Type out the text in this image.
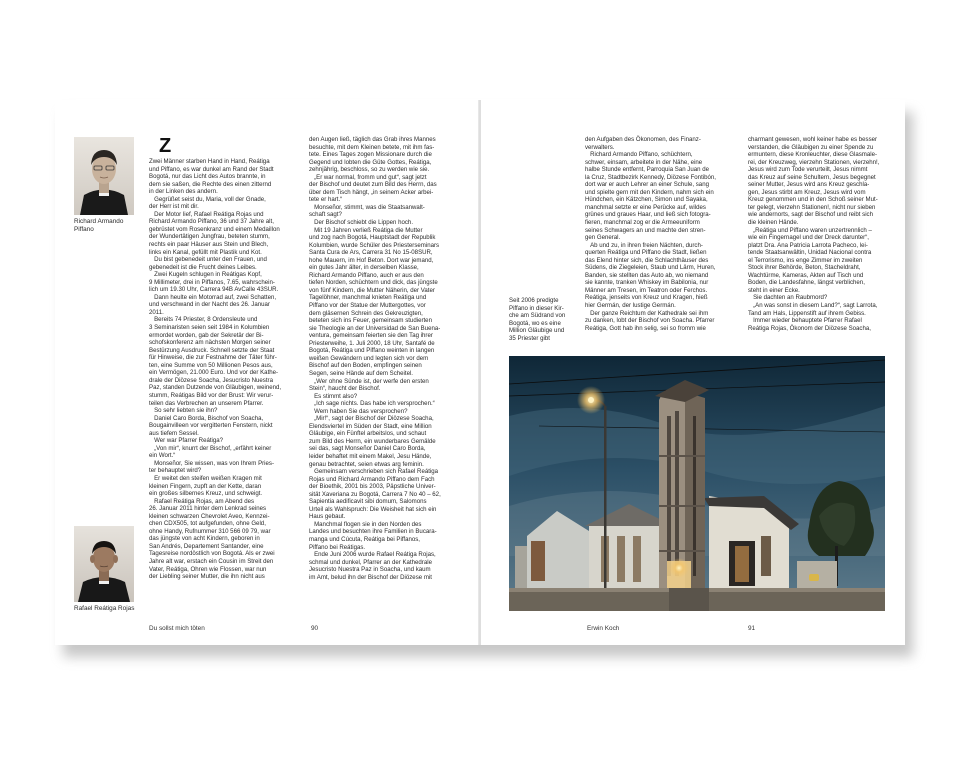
Richard Armando
Piffano
Rafael Reátiga Rojas
Z
Zwei Männer starben Hand in Hand, Reátiga
und Piffano, es war dunkel am Rand der Stadt
Bogotá, nur das Licht des Autos brannte, in
dem sie saßen, die Rechte des einen zitternd
in der Linken des andern.
Gegrüßet seist du, Maria, voll der Gnade,
der Herr ist mit dir.
Der Motor lief, Rafael Reátiga Rojas und
Richard Armando Piffano, 36 und 37 Jahre alt,
gebrüstet vom Rosenkranz und einem Medaillon
der Wundertätigen Jungfrau, beteten stumm,
rechts ein paar Häuser aus Stein und Blech,
links ein Kanal, gefüllt mit Plastik und Kot.
Du bist gebenedeit unter den Frauen, und
gebenedeit ist die Frucht deines Leibes.
Zwei Kugeln schlugen in Reátigas Kopf,
9 Millimeter, drei in Piffanos, 7.65, wahrschein-
lich um 19.30 Uhr, Carrera 94B AvCalle 43SUR.
Dann heulte ein Motorrad auf, zwei Schatten,
und verschwand in der Nacht des 26. Januar
2011.
Bereits 74 Priester, 8 Ordensleute und
3 Seminaristen seien seit 1984 in Kolumbien
ermordet worden, gab der Sekretär der Bi-
schofskonferenz am nächsten Morgen seiner
Bestürzung Ausdruck. Schnell setzte der Staat
für Hinweise, die zur Festnahme der Täter führ-
ten, eine Summe von 50 Millionen Pesos aus,
ein Vermögen, 21.000 Euro. Und vor der Kathe-
drale der Diözese Soacha, Jesucristo Nuestra
Paz, standen Dutzende von Gläubigen, weinend,
stumm, Reátigas Bild vor der Brust: Wir verur-
teilen das Verbrechen an unserem Pfarrer.
So sehr liebten sie ihn?
Daniel Caro Borda, Bischof von Soacha,
Bougainvilleen vor vergitterten Fenstern, nickt
aus tiefem Sessel.
Wer war Pfarrer Reátiga?
„Von mir“, knurrt der Bischof, „erfährt keiner
ein Wort.“
Monseñor, Sie wissen, was von Ihrem Pries-
ter behauptet wird?
Er weitet den steifen weißen Kragen mit
kleinen Fingern, zupft an der Kette, daran
ein großes silbernes Kreuz, und schweigt.
Rafael Reátiga Rojas, am Abend des
26. Januar 2011 hinter dem Lenkrad seines
kleinen schwarzen Chevrolet Aveo, Kennzei-
chen CDX505, tot aufgefunden, ohne Geld,
ohne Handy, Rufnummer 310 566 09 79, war
das jüngste von acht Kindern, geboren in
San Andrés, Departement Santander, eine
Tagesreise nordöstlich von Bogotá. Als er zwei
Jahre alt war, erstach ein Cousin im Streit den
Vater, Reátiga, Ohren wie Flossen, war nun
der Liebling seiner Mutter, die ihn nicht aus
den Augen ließ, täglich das Grab ihres Mannes
besuchte, mit dem Kleinen betete, mit ihm fas-
tete. Eines Tages zogen Missionare durch die
Gegend und lobten die Güte Gottes, Reátiga,
zehnjährig, beschloss, so zu werden wie sie.
„Er war normal, fromm und gut“, sagt jetzt
der Bischof und deutet zum Bild des Herrn, das
über dem Tisch hängt, „in seinem Acker arbei-
tete er hart.“
Monseñor, stimmt, was die Staatsanwalt-
schaft sagt?
Der Bischof schiebt die Lippen hoch.
Mit 19 Jahren verließ Reátiga die Mutter
und zog nach Bogotá, Hauptstadt der Republik
Kolumbien, wurde Schüler des Priesterseminars
Santa Cura de Ars, Carrera 31 No 15-08SUR,
hohe Mauern, im Hof Beton. Dort war jemand,
ein gutes Jahr älter, in derselben Klasse,
Richard Armando Piffano, auch er aus den
tiefen Norden, schüchtern und dick, das jüngste
von fünf Kindern, die Mutter Näherin, der Vater
Tagelöhner, manchmal knieten Reátiga und
Piffano vor der Statue der Muttergottes, vor
dem gläsernen Schrein des Gekreuzigten,
beteten sich ins Feuer, gemeinsam studierten
sie Theologie an der Universidad de San Buena-
ventura, gemeinsam feierten sie den Tag ihrer
Priesterweihe, 1. Juli 2000, 18 Uhr, Santafé de
Bogotá, Reátiga und Piffano weinten in langen
weißen Gewändern und legten sich vor dem
Bischof auf den Boden, empfingen seinen
Segen, seine Hände auf dem Scheitel.
„Wer ohne Sünde ist, der werfe den ersten
Stein“, haucht der Bischof.
Es stimmt also?
„Ich sage nichts. Das habe ich versprochen.“
Wem haben Sie das versprochen?
„Mir!“, sagt der Bischof der Diözese Soacha,
Elendsviertel im Süden der Stadt, eine Million
Gläubige, ein Fünftel arbeitslos, und schaut
zum Bild des Herrn, ein wunderbares Gemälde
sei das, sagt Monseñor Daniel Caro Borda,
leider behaftet mit einem Makel, Jesu Hände,
genau betrachtet, seien etwas arg feminin.
Gemeinsam verschrieben sich Rafael Reátiga
Rojas und Richard Armando Piffano dem Fach
der Bioethik, 2001 bis 2003, Päpstliche Univer-
sität Xaveriana zu Bogotá, Carrera 7 No 40 – 62,
Sapientia aedificavit sibi domum, Salomons
Urteil als Wahlspruch: Die Weisheit hat sich ein
Haus gebaut.
Manchmal flogen sie in den Norden des
Landes und besuchten ihre Familien in Bucara-
manga und Cúcuta, Reátiga bei Piffanos,
Piffano bei Reátigas.
Ende Juni 2006 wurde Rafael Reátiga Rojas,
schmal und dunkel, Pfarrer an der Kathedrale
Jesucristo Nuestra Paz in Soacha, und kaum
im Amt, belud ihn der Bischof der Diözese mit
Du sollst mich töten	90
den Aufgaben des Ökonomen, des Finanz-
verwalters.
Richard Armando Piffano, schüchtern,
schwer, einsam, arbeitete in der Nähe, eine
halbe Stunde entfernt, Parroquia San Juan de
la Cruz, Stadtbezirk Kennedy, Diözese Fontibón,
dort war er auch Lehrer an einer Schule, sang
und spielte gern mit den Kindern, nahm sich ein
Hündchen, ein Kätzchen, Simon und Sayaka,
manchmal setzte er eine Perücke auf, wildes
grünes und graues Haar, und ließ sich fotogra-
fieren, manchmal zog er die Armeeuniform
seines Schwagers an und machte den stren-
gen General.
Ab und zu, in ihren freien Nächten, durch-
querten Reátiga und Piffano die Stadt, ließen
das Elend hinter sich, die Schlachthäuser des
Südens, die Ziegeleien, Staub und Lärm, Huren,
Banden, sie stellten das Auto ab, wo niemand
sie kannte, tranken Whiskey im Babilonia, nur
Männer am Tresen, im Teatron oder Ferchos.
Reátiga, jenseits von Kreuz und Kragen, hieß
hier Germán, der lustige Germán.
Der ganze Reichtum der Kathedrale sei ihm
zu danken, lobt der Bischof von Soacha. Pfarrer
Reátiga, Gott hab ihn selig, sei so fromm wie
charmant gewesen, wohl keiner habe es besser
verstanden, die Gläubigen zu einer Spende zu
ermuntern, diese Kronleuchter, diese Glasmale-
rei, der Kreuzweg, vierzehn Stationen, vierzehn!,
Jesus wird zum Tode verurteilt, Jesus nimmt
das Kreuz auf seine Schultern, Jesus begegnet
seiner Mutter, Jesus wird ans Kreuz geschla-
gen, Jesus stirbt am Kreuz, Jesus wird vom
Kreuz genommen und in den Schoß seiner Mut-
ter gelegt, vierzehn Stationen!, nicht nur sieben
wie andernorts, sagt der Bischof und reibt sich
die kleinen Hände.
„Reátiga und Piffano waren unzertrennlich –
wie ein Fingernagel und der Dreck darunter“,
platzt Dra. Ana Patricia Larrota Pacheco, lei-
tende Staatsanwältin, Unidad Nacional contra
el Terrorismo, ins enge Zimmer im zweiten
Stock ihrer Behörde, Beton, Stacheldraht,
Wachtürme, Kameras, Akten auf Tisch und
Boden, die Landesfahne, längst verblichen,
steht in einer Ecke.
Sie dachten an Raubmord?
„An was sonst in diesem Land?“, sagt Larrota,
Tand am Hals, Lippenstift auf ihrem Gebiss.
Immer wieder behauptete Pfarrer Rafael
Reátiga Rojas, Ökonom der Diözese Soacha,
Seit 2006 predigte
Piffano in dieser Kir-
che am Südrand von
Bogotá, wo es eine
Million Gläubige und
35 Priester gibt
Erwin Koch	91
